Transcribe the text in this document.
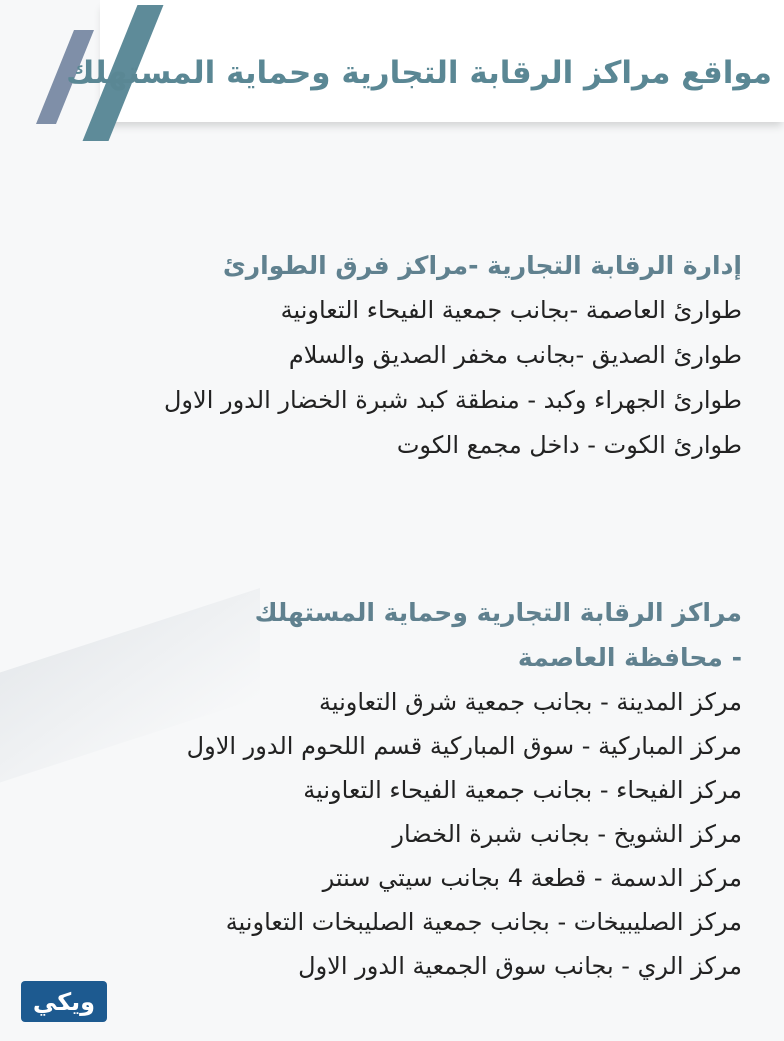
مواقع مراكز الرقابة التجارية وحماية المستهلك
إدارة الرقابة التجارية -مراكز فرق الطوارئ
طوارئ العاصمة -بجانب جمعية الفيحاء التعاونية
طوارئ الصديق -بجانب مخفر الصديق والسلام
طوارئ الجهراء وكبد - منطقة كبد شبرة الخضار الدور الاول
طوارئ الكوت - داخل مجمع الكوت
مراكز الرقابة التجارية وحماية المستهلك
- محافظة العاصمة
مركز المدينة - بجانب جمعية شرق التعاونية
مركز المباركية - سوق المباركية قسم اللحوم الدور الاول
مركز الفيحاء - بجانب جمعية الفيحاء التعاونية
مركز الشويخ - بجانب شبرة الخضار
مركز الدسمة - قطعة 4 بجانب سيتي سنتر
مركز الصليبيخات - بجانب جمعية الصليبخات التعاونية
مركز الري - بجانب سوق الجمعية الدور الاول
ويكي
